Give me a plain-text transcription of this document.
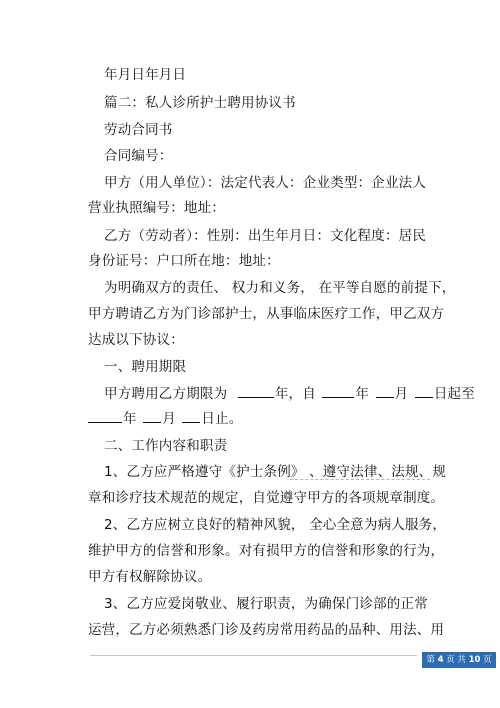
年月日年月日
篇二：私人诊所护士聘用协议书
劳动合同书
合同编号：
甲方（用人单位）：法定代表人：企业类型：企业法人
营业执照编号：地址：
乙方（劳动者）：性别：出生年月日：文化程度：居民
身份证号：户口所在地：地址：
为明确双方的责任、 权力和义务， 在平等自愿的前提下，
甲方聘请乙方为门诊部护士，从事临床医疗工作，甲乙双方
达成以下协议：
一、聘用期限
甲方聘用乙方期限为	年，自	年 月 日起至
年 月 日止。
二、工作内容和职责
1、乙方应严格遵守《护士条例》 、遵守法律、法规、规
章和诊疗技术规范的规定，自觉遵守甲方的各项规章制度。
2、乙方应树立良好的精神风貌， 全心全意为病人服务，
维护甲方的信誉和形象。对有损甲方的信誉和形象的行为，
甲方有权解除协议。
3、乙方应爱岗敬业、履行职责，为确保门诊部的正常
运营，乙方必须熟悉门诊及药房常用药品的品种、用法、用
第 4 页 共 10 页
